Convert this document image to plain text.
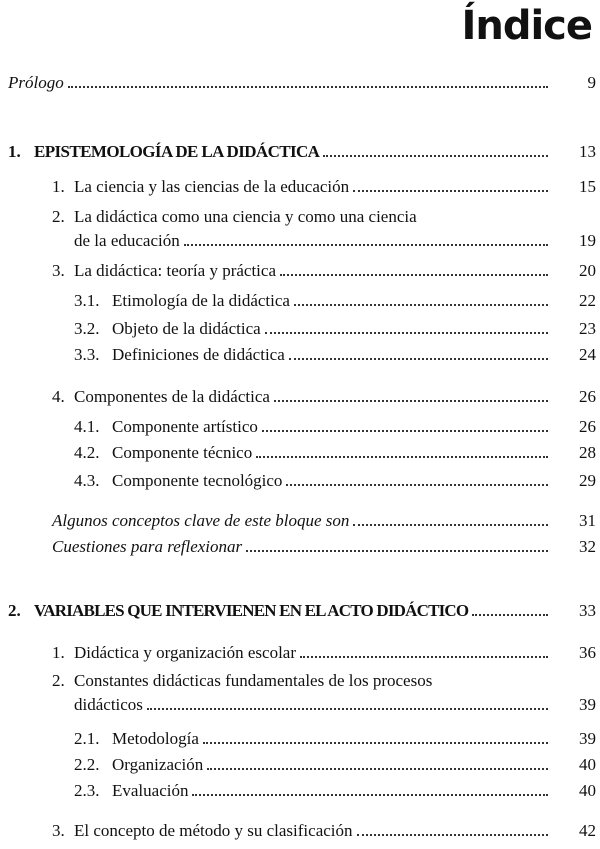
Índice
Prólogo	9
1. EPISTEMOLOGÍA DE LA DIDÁCTICA	13
1. La ciencia y las ciencias de la educación	15
2. La didáctica como una ciencia y como una ciencia
de la educación	19
3. La didáctica: teoría y práctica	20
3.1. Etimología de la didáctica	22
3.2. Objeto de la didáctica	23
3.3. Definiciones de didáctica	24
4. Componentes de la didáctica	26
4.1. Componente artístico	26
4.2. Componente técnico	28
4.3. Componente tecnológico	29
Algunos conceptos clave de este bloque son	31
Cuestiones para reflexionar	32
2. VARIABLES QUE INTERVIENEN EN EL ACTO DIDÁCTICO	33
1. Didáctica y organización escolar	36
2. Constantes didácticas fundamentales de los procesos
didácticos	39
2.1. Metodología	39
2.2. Organización	40
2.3. Evaluación	40
3. El concepto de método y su clasificación	42
